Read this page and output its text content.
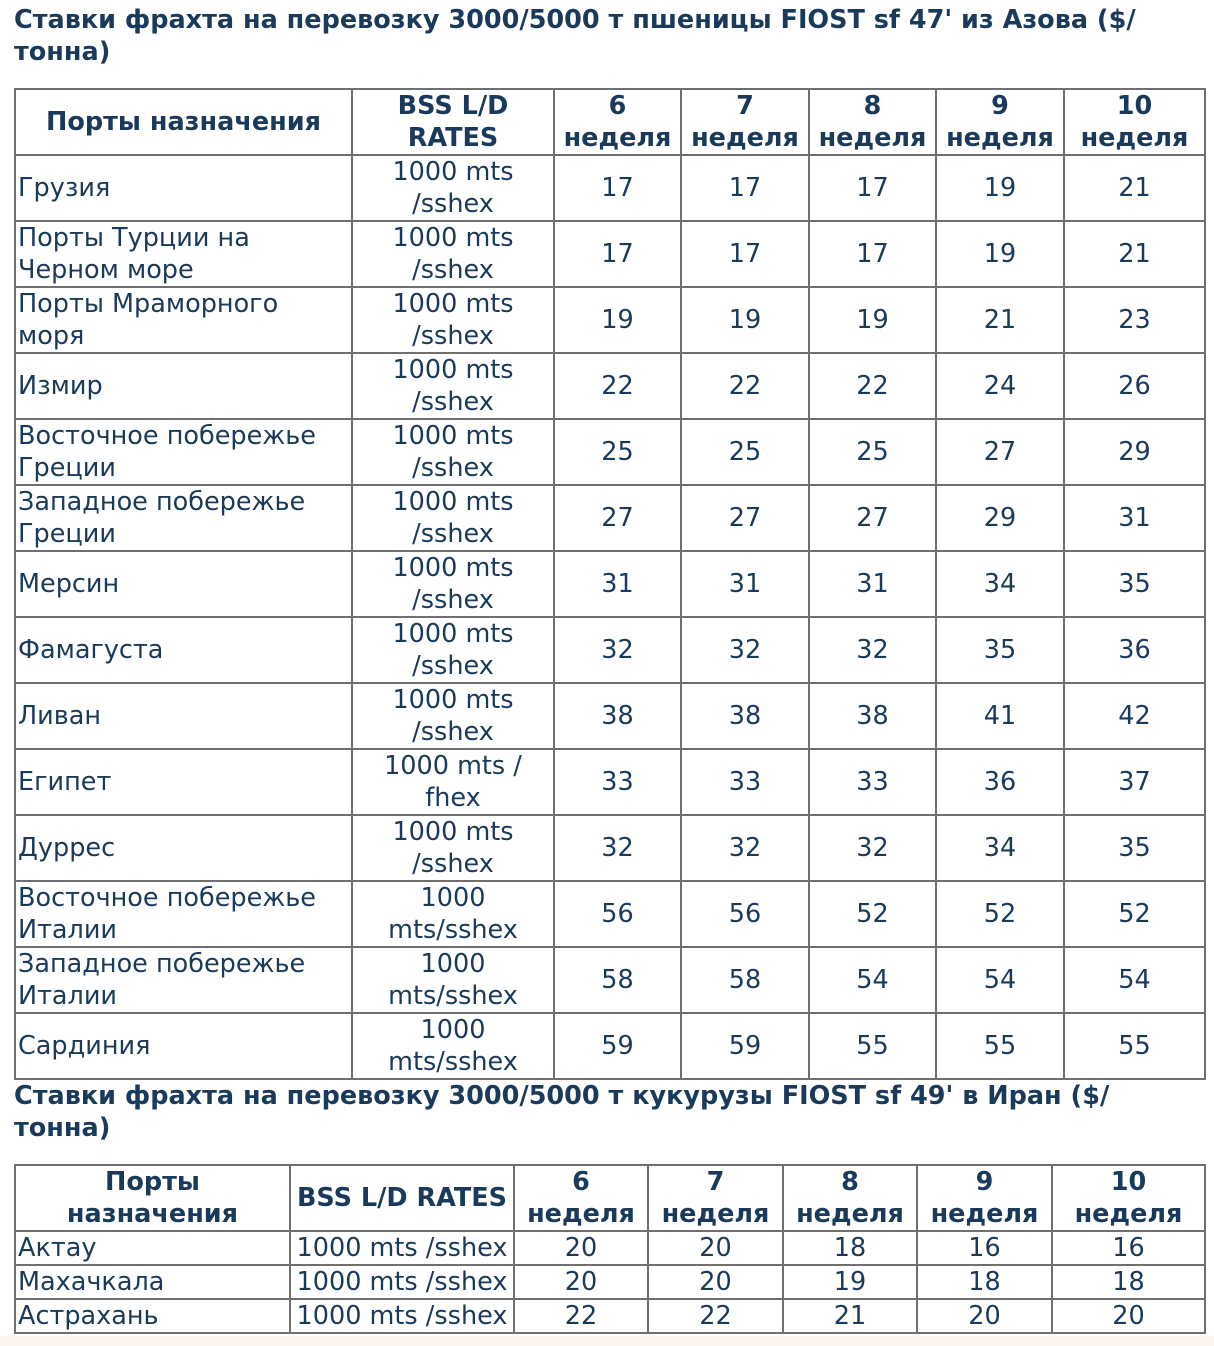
Ставки фрахта на перевозку 3000/5000 т пшеницы FIOST sf 47' из Азова ($/тонна)
Порты назначения	BSS L/D RATES	6 неделя	7 неделя	8 неделя	9 неделя	10 неделя
Грузия	1000 mts /sshex	17	17	17	19	21
Порты Турции на Черном море	1000 mts /sshex	17	17	17	19	21
Порты Мраморного моря	1000 mts /sshex	19	19	19	21	23
Измир	1000 mts /sshex	22	22	22	24	26
Восточное побережье Греции	1000 mts /sshex	25	25	25	27	29
Западное побережье Греции	1000 mts /sshex	27	27	27	29	31
Мерсин	1000 mts /sshex	31	31	31	34	35
Фамагуста	1000 mts /sshex	32	32	32	35	36
Ливан	1000 mts /sshex	38	38	38	41	42
Египет	1000 mts / fhex	33	33	33	36	37
Дуррес	1000 mts /sshex	32	32	32	34	35
Восточное побережье Италии	1000 mts/sshex	56	56	52	52	52
Западное побережье Италии	1000 mts/sshex	58	58	54	54	54
Сардиния	1000 mts/sshex	59	59	55	55	55
Ставки фрахта на перевозку 3000/5000 т кукурузы FIOST sf 49' в Иран ($/тонна)
Порты назначения	BSS L/D RATES	6 неделя	7 неделя	8 неделя	9 неделя	10 неделя
Актау	1000 mts /sshex	20	20	18	16	16
Махачкала	1000 mts /sshex	20	20	19	18	18
Астрахань	1000 mts /sshex	22	22	21	20	20
